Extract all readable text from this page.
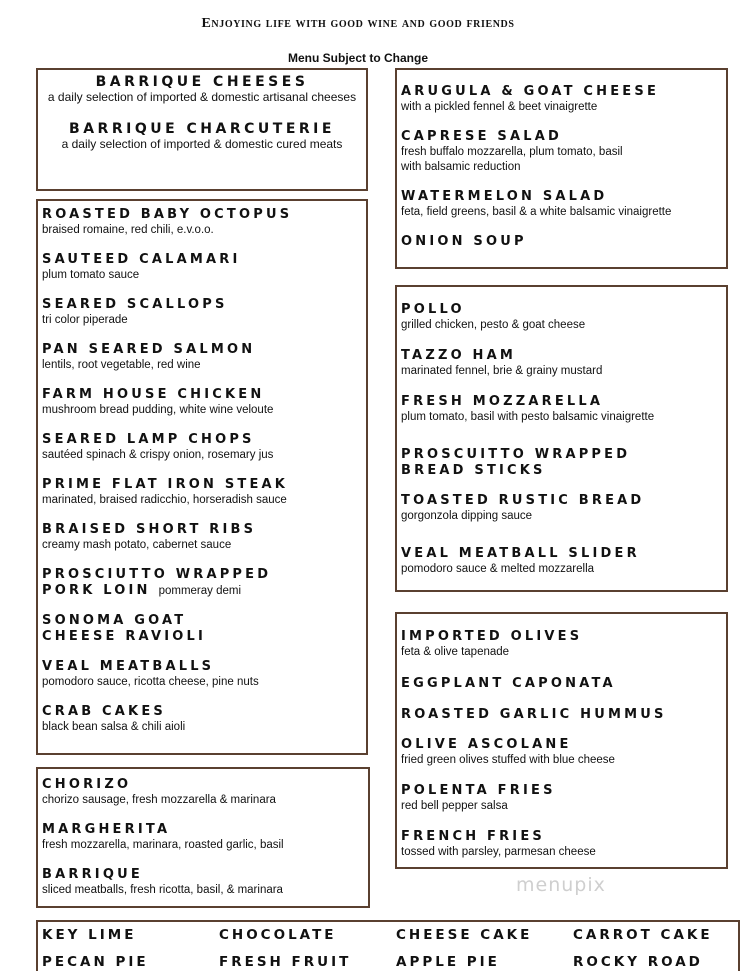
Enjoying life with good wine and good friends
Menu Subject to Change
BARRIQUE CHEESES
a daily selection of imported & domestic artisanal cheeses
BARRIQUE CHARCUTERIE
a daily selection of imported & domestic cured meats
ROASTED BABY OCTOPUS
braised romaine, red chili, e.v.o.o.
SAUTEED CALAMARI
plum tomato sauce
SEARED SCALLOPS
tri color piperade
PAN SEARED SALMON
lentils, root vegetable, red wine
FARM HOUSE CHICKEN
mushroom bread pudding, white wine veloute
SEARED LAMP CHOPS
sautéed spinach & crispy onion, rosemary jus
PRIME FLAT IRON STEAK
marinated, braised radicchio, horseradish sauce
BRAISED SHORT RIBS
creamy mash potato, cabernet sauce
PROSCIUTTO WRAPPED
PORK LOIN pommeray demi
SONOMA GOAT
CHEESE RAVIOLI
VEAL MEATBALLS
pomodoro sauce, ricotta cheese, pine nuts
CRAB CAKES
black bean salsa & chili aioli
CHORIZO
chorizo sausage, fresh mozzarella & marinara
MARGHERITA
fresh mozzarella, marinara, roasted garlic, basil
BARRIQUE
sliced meatballs, fresh ricotta, basil, & marinara
ARUGULA & GOAT CHEESE
with a pickled fennel & beet vinaigrette
CAPRESE SALAD
fresh buffalo mozzarella, plum tomato, basil
with balsamic reduction
WATERMELON SALAD
feta, field greens, basil & a white balsamic vinaigrette
ONION SOUP
POLLO
grilled chicken, pesto & goat cheese
TAZZO HAM
marinated fennel, brie & grainy mustard
FRESH MOZZARELLA
plum tomato, basil with pesto balsamic vinaigrette
PROSCUITTO WRAPPED
BREAD STICKS
TOASTED RUSTIC BREAD
gorgonzola dipping sauce
VEAL MEATBALL SLIDER
pomodoro sauce & melted mozzarella
IMPORTED OLIVES
feta & olive tapenade
EGGPLANT CAPONATA
ROASTED GARLIC HUMMUS
OLIVE ASCOLANE
fried green olives stuffed with blue cheese
POLENTA FRIES
red bell pepper salsa
FRENCH FRIES
tossed with parsley, parmesan cheese
menupix
KEY LIME	CHOCOLATE	CHEESE CAKE	CARROT CAKE
PECAN PIE	FRESH FRUIT	APPLE PIE	ROCKY ROAD
